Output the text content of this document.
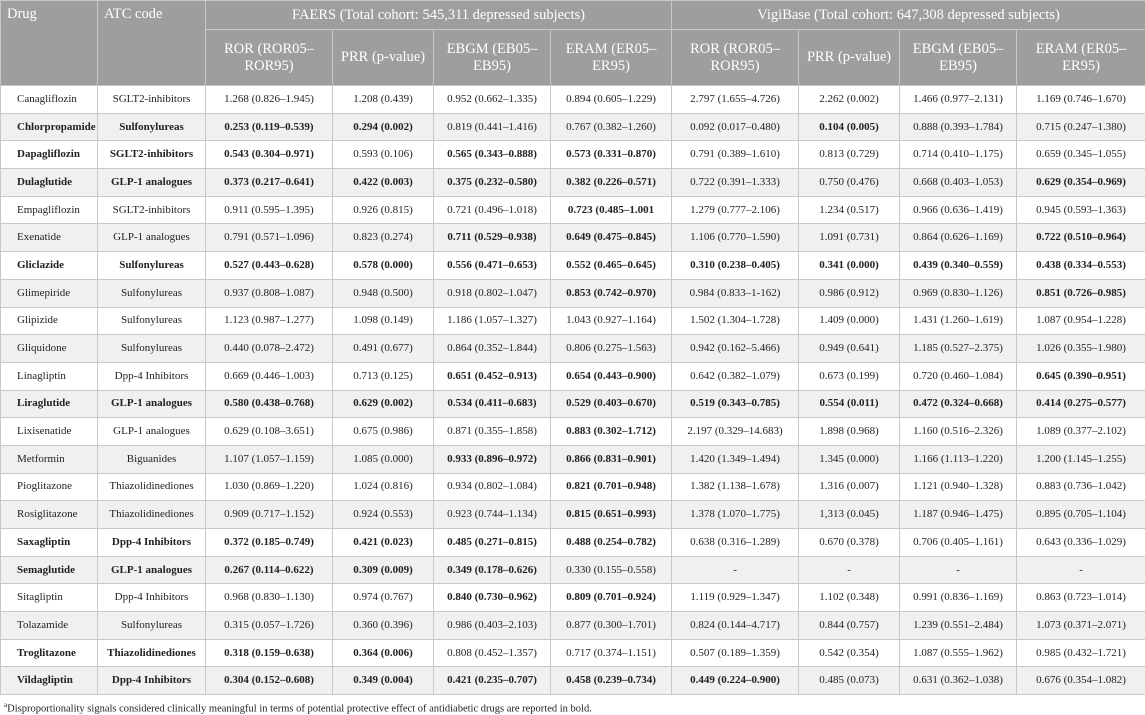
Drug	ATC code	FAERS (Total cohort: 545,311 depressed subjects)				VigiBase (Total cohort: 647,308 depressed subjects)			
		ROR (ROR05–ROR95)	PRR (p-value)	EBGM (EB05–EB95)	ERAM (ER05–ER95)	ROR (ROR05–ROR95)	PRR (p-value)	EBGM (EB05–EB95)	ERAM (ER05–ER95)
Canagliflozin	SGLT2-inhibitors	1.268 (0.826–1.945)	1.208 (0.439)	0.952 (0.662–1.335)	0.894 (0.605–1.229)	2.797 (1.655–4.726)	2.262 (0.002)	1.466 (0.977–2.131)	1.169 (0.746–1.670)
Chlorpropamide	Sulfonylureas	0.253 (0.119–0.539)	0.294 (0.002)	0.819 (0.441–1.416)	0.767 (0.382–1.260)	0.092 (0.017–0.480)	0.104 (0.005)	0.888 (0.393–1.784)	0.715 (0.247–1.380)
Dapagliflozin	SGLT2-inhibitors	0.543 (0.304–0.971)	0.593 (0.106)	0.565 (0.343–0.888)	0.573 (0.331–0.870)	0.791 (0.389–1.610)	0.813 (0.729)	0.714 (0.410–1.175)	0.659 (0.345–1.055)
Dulaglutide	GLP-1 analogues	0.373 (0.217–0.641)	0.422 (0.003)	0.375 (0.232–0.580)	0.382 (0.226–0.571)	0.722 (0.391–1.333)	0.750 (0.476)	0.668 (0.403–1.053)	0.629 (0.354–0.969)
Empagliflozin	SGLT2-inhibitors	0.911 (0.595–1.395)	0.926 (0.815)	0.721 (0.496–1.018)	0.723 (0.485–1.001	1.279 (0.777–2.106)	1.234 (0.517)	0.966 (0.636–1.419)	0.945 (0.593–1.363)
Exenatide	GLP-1 analogues	0.791 (0.571–1.096)	0.823 (0.274)	0.711 (0.529–0.938)	0.649 (0.475–0.845)	1.106 (0.770–1.590)	1.091 (0.731)	0.864 (0.626–1.169)	0.722 (0.510–0.964)
Gliclazide	Sulfonylureas	0.527 (0.443–0.628)	0.578 (0.000)	0.556 (0.471–0.653)	0.552 (0.465–0.645)	0.310 (0.238–0.405)	0.341 (0.000)	0.439 (0.340–0.559)	0.438 (0.334–0.553)
Glimepiride	Sulfonylureas	0.937 (0.808–1.087)	0.948 (0.500)	0.918 (0.802–1.047)	0.853 (0.742–0.970)	0.984 (0.833–1-162)	0.986 (0.912)	0.969 (0.830–1.126)	0.851 (0.726–0.985)
Glipizide	Sulfonylureas	1.123 (0.987–1.277)	1.098 (0.149)	1.186 (1.057–1.327)	1.043 (0.927–1.164)	1.502 (1.304–1.728)	1.409 (0.000)	1.431 (1.260–1.619)	1.087 (0.954–1.228)
Gliquidone	Sulfonylureas	0.440 (0.078–2.472)	0.491 (0.677)	0.864 (0.352–1.844)	0.806 (0.275–1.563)	0.942 (0.162–5.466)	0.949 (0.641)	1.185 (0.527–2.375)	1.026 (0.355–1.980)
Linagliptin	Dpp-4 Inhibitors	0.669 (0.446–1.003)	0.713 (0.125)	0.651 (0.452–0.913)	0.654 (0.443–0.900)	0.642 (0.382–1.079)	0.673 (0.199)	0.720 (0.460–1.084)	0.645 (0.390–0.951)
Liraglutide	GLP-1 analogues	0.580 (0.438–0.768)	0.629 (0.002)	0.534 (0.411–0.683)	0.529 (0.403–0.670)	0.519 (0.343–0.785)	0.554 (0.011)	0.472 (0.324–0.668)	0.414 (0.275–0.577)
Lixisenatide	GLP-1 analogues	0.629 (0.108–3.651)	0.675 (0.986)	0.871 (0.355–1.858)	0.883 (0.302–1.712)	2.197 (0.329–14.683)	1.898 (0.968)	1.160 (0.516–2.326)	1.089 (0.377–2.102)
Metformin	Biguanides	1.107 (1.057–1.159)	1.085 (0.000)	0.933 (0.896–0.972)	0.866 (0.831–0.901)	1.420 (1.349–1.494)	1.345 (0.000)	1.166 (1.113–1.220)	1.200 (1.145–1.255)
Pioglitazone	Thiazolidinediones	1.030 (0.869–1.220)	1.024 (0.816)	0.934 (0.802–1.084)	0.821 (0.701–0.948)	1.382 (1.138–1.678)	1.316 (0.007)	1.121 (0.940–1.328)	0.883 (0.736–1.042)
Rosiglitazone	Thiazolidinediones	0.909 (0.717–1.152)	0.924 (0.553)	0.923 (0.744–1.134)	0.815 (0.651–0.993)	1.378 (1.070–1.775)	1,313 (0.045)	1.187 (0.946–1.475)	0.895 (0.705–1.104)
Saxagliptin	Dpp-4 Inhibitors	0.372 (0.185–0.749)	0.421 (0.023)	0.485 (0.271–0.815)	0.488 (0.254–0.782)	0.638 (0.316–1.289)	0.670 (0.378)	0.706 (0.405–1.161)	0.643 (0.336–1.029)
Semaglutide	GLP-1 analogues	0.267 (0.114–0.622)	0.309 (0.009)	0.349 (0.178–0.626)	0.330 (0.155–0.558)	-	-	-	-
Sitagliptin	Dpp-4 Inhibitors	0.968 (0.830–1.130)	0.974 (0.767)	0.840 (0.730–0.962)	0.809 (0.701–0.924)	1.119 (0.929–1.347)	1.102 (0.348)	0.991 (0.836–1.169)	0.863 (0.723–1.014)
Tolazamide	Sulfonylureas	0.315 (0.057–1.726)	0.360 (0.396)	0.986 (0.403–2.103)	0.877 (0.300–1.701)	0.824 (0.144–4.717)	0.844 (0.757)	1.239 (0.551–2.484)	1.073 (0.371–2.071)
Troglitazone	Thiazolidinediones	0.318 (0.159–0.638)	0.364 (0.006)	0.808 (0.452–1.357)	0.717 (0.374–1.151)	0.507 (0.189–1.359)	0.542 (0.354)	1.087 (0.555–1.962)	0.985 (0.432–1.721)
Vildagliptin	Dpp-4 Inhibitors	0.304 (0.152–0.608)	0.349 (0.004)	0.421 (0.235–0.707)	0.458 (0.239–0.734)	0.449 (0.224–0.900)	0.485 (0.073)	0.631 (0.362–1.038)	0.676 (0.354–1.082)
$^a$Disproportionality signals considered clinically meaningful in terms of potential protective effect of antidiabetic drugs are reported in bold.
